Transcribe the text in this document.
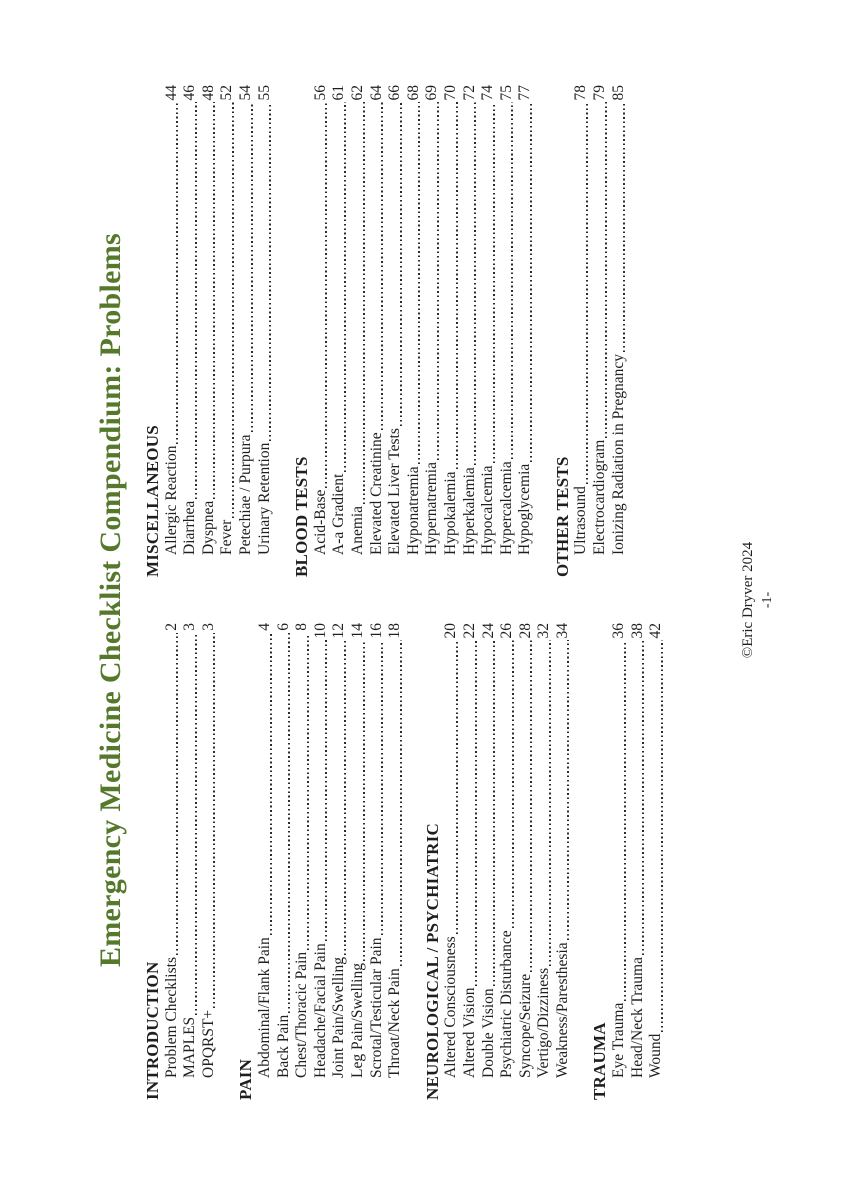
Emergency Medicine Checklist Compendium: Problems
INTRODUCTION Problem Checklists
2
MAPLES
3
OPQRST+
3
PAIN
Abdominal/Flank Pain
4
Back Pain
6
Chest/Thoracic Pain
8
Headache/Facial Pain
10
Joint Pain/Swelling
12
Leg Pain/Swelling
14
Scrotal/Testicular Pain
16
Throat/Neck Pain
18
NEUROLOGICAL / PSYCHIATRIC Altered Consciousness
20
Altered Vision
22
Double Vision
24
Psychiatric Disturbance
26
Syncope/Seizure
28
Vertigo/Dizziness
32
Weakness/Paresthesia
34
TRAUMA Eye Trauma
36
Head/Neck Trauma
38
Wound
42
MISCELLANEOUS Allergic Reaction
44
Diarrhea
46
Dyspnea
48
Fever
52
Petechiae / Purpura
54
Urinary Retention
55
BLOOD TESTS Acid-Base
56
A-a Gradient
61
Anemia
62
Elevated Creatinine
64
Elevated Liver Tests
66
Hyponatremia
68
Hypernatremia
69
Hypokalemia
70
Hyperkalemia
72
Hypocalcemia
74
Hypercalcemia
75
Hypoglycemia
77
OTHER TESTS Ultrasound
78
Electrocardiogram
79
Ionizing Radiation in Pregnancy
85
©Eric Dryver 2024 -1-
